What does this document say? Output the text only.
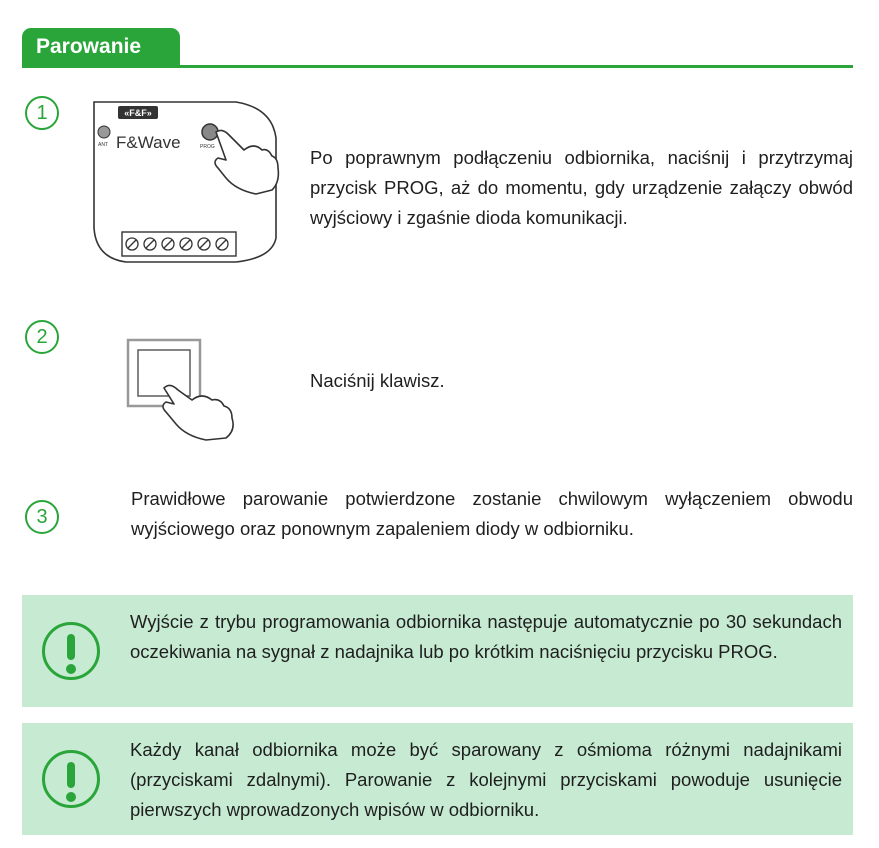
Parowanie
1	«F&F»
ANT F&Wave	PROG	Po poprawnym podłączeniu odbiornika, naciśnij i przytrzymaj przycisk PROG, aż do momentu, gdy urządzenie załączy obwód wyjściowy i zgaśnie dioda komunikacji.
2
Naciśnij klawisz.
3
Prawidłowe parowanie potwierdzone zostanie chwilowym wyłączeniem obwodu wyjściowego oraz ponownym zapaleniem diody w odbiorniku.
Wyjście z trybu programowania odbiornika następuje automatycznie po 30 sekundach oczekiwania na sygnał z nadajnika lub po krótkim naciśnięciu przycisku PROG.
Każdy kanał odbiornika może być sparowany z ośmioma różnymi nadajnikami (przyciskami zdalnymi). Parowanie z kolejnymi przyciskami powoduje usunięcie pierwszych wprowadzonych wpisów w odbiorniku.
